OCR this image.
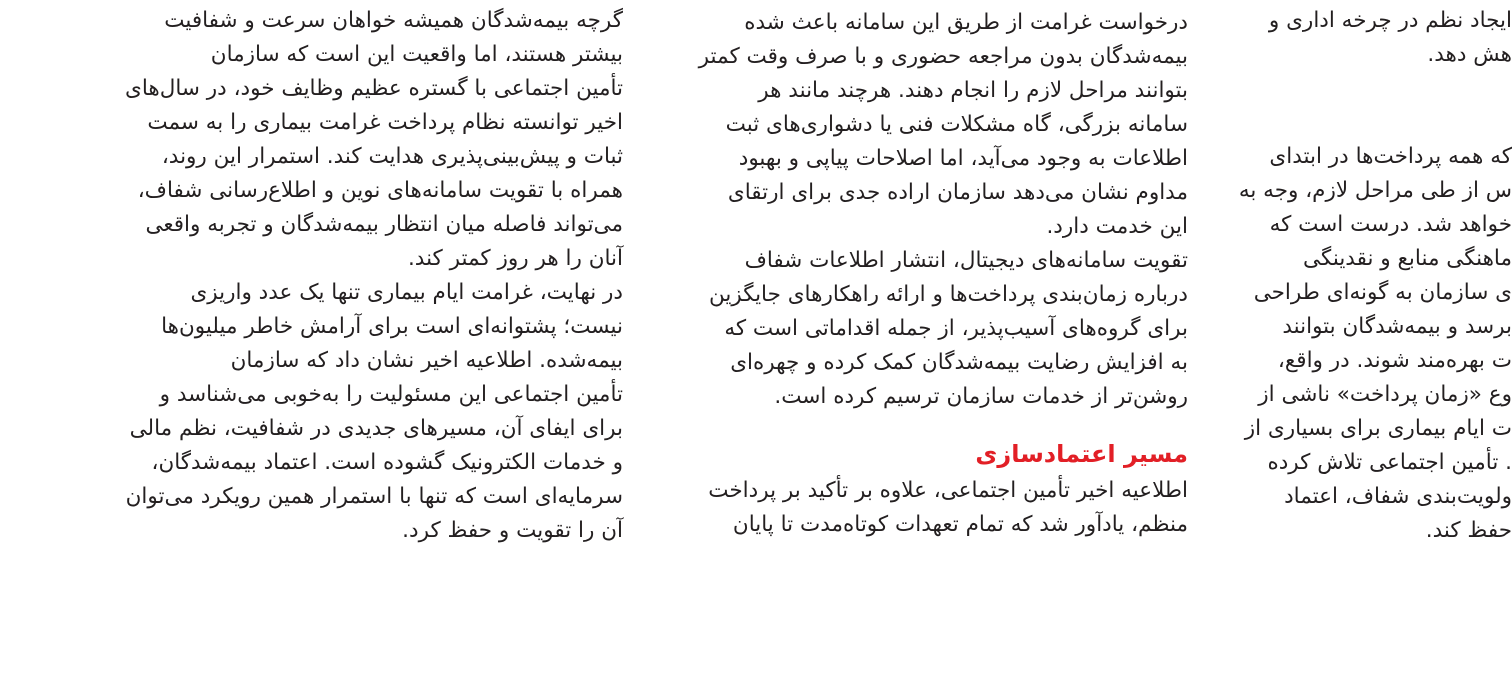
گرچه بیمه‌شدگان همیشه خواهان سرعت و شفافیت

بیشتر هستند، اما واقعیت این است که سازمان

تأمین اجتماعی با گستره عظیم وظایف خود، در سال‌های

اخیر توانسته نظام پرداخت غرامت بیماری را به سمت

ثبات و پیش‌بینی‌پذیری هدایت کند. استمرار این روند،

همراه با تقویت سامانه‌های نوین و اطلاع‌رسانی شفاف،

می‌تواند فاصله میان انتظار بیمه‌شدگان و تجربه واقعی

آنان را هر روز کمتر کند.

در نهایت، غرامت ایام بیماری تنها یک عدد واریزی

نیست؛ پشتوانه‌ای است برای آرامش خاطر میلیون‌ها

بیمه‌شده. اطلاعیه اخیر نشان داد که سازمان

تأمین اجتماعی این مسئولیت را به‌خوبی می‌شناسد و

برای ایفای آن، مسیرهای جدیدی در شفافیت، نظم مالی

و خدمات الکترونیک گشوده است. اعتماد بیمه‌شدگان،

سرمایه‌ای است که تنها با استمرار همین رویکرد می‌توان

آن را تقویت و حفظ کرد.

درخواست غرامت از طریق این سامانه باعث شده

بیمه‌شدگان بدون مراجعه حضوری و با صرف وقت کمتر

بتوانند مراحل لازم را انجام دهند. هرچند مانند هر

سامانه بزرگی، گاه مشکلات فنی یا دشواری‌های ثبت

اطلاعات به وجود می‌آید، اما اصلاحات پیاپی و بهبود

مداوم نشان می‌دهد سازمان اراده جدی برای ارتقای

این خدمت دارد.

تقویت سامانه‌های دیجیتال، انتشار اطلاعات شفاف

درباره زمان‌بندی پرداخت‌ها و ارائه راهکارهای جایگزین

برای گروه‌های آسیب‌پذیر، از جمله اقداماتی است که

به افزایش رضایت بیمه‌شدگان کمک کرده و چهره‌ای

روشن‌تر از خدمات سازمان ترسیم کرده است.

مسیر اعتمادسازی

اطلاعیه اخیر تأمین اجتماعی، علاوه بر تأکید بر پرداخت

منظم، یادآور شد که تمام تعهدات کوتاه‌مدت تا پایان

ایجاد نظم در چرخه اداری و

هش دهد.

که همه پرداخت‌ها در ابتدای

س از طی مراحل لازم، وجه به

خواهد شد. درست است که

ماهنگی منابع و نقدینگی

ی سازمان به گونه‌ای طراحی

برسد و بیمه‌شدگان بتوانند

ت بهره‌مند شوند. در واقع،

وع «زمان پرداخت» ناشی از

ت ایام بیماری برای بسیاری از

. تأمین اجتماعی تلاش کرده

ولویت‌بندی شفاف، اعتماد

حفظ کند.
